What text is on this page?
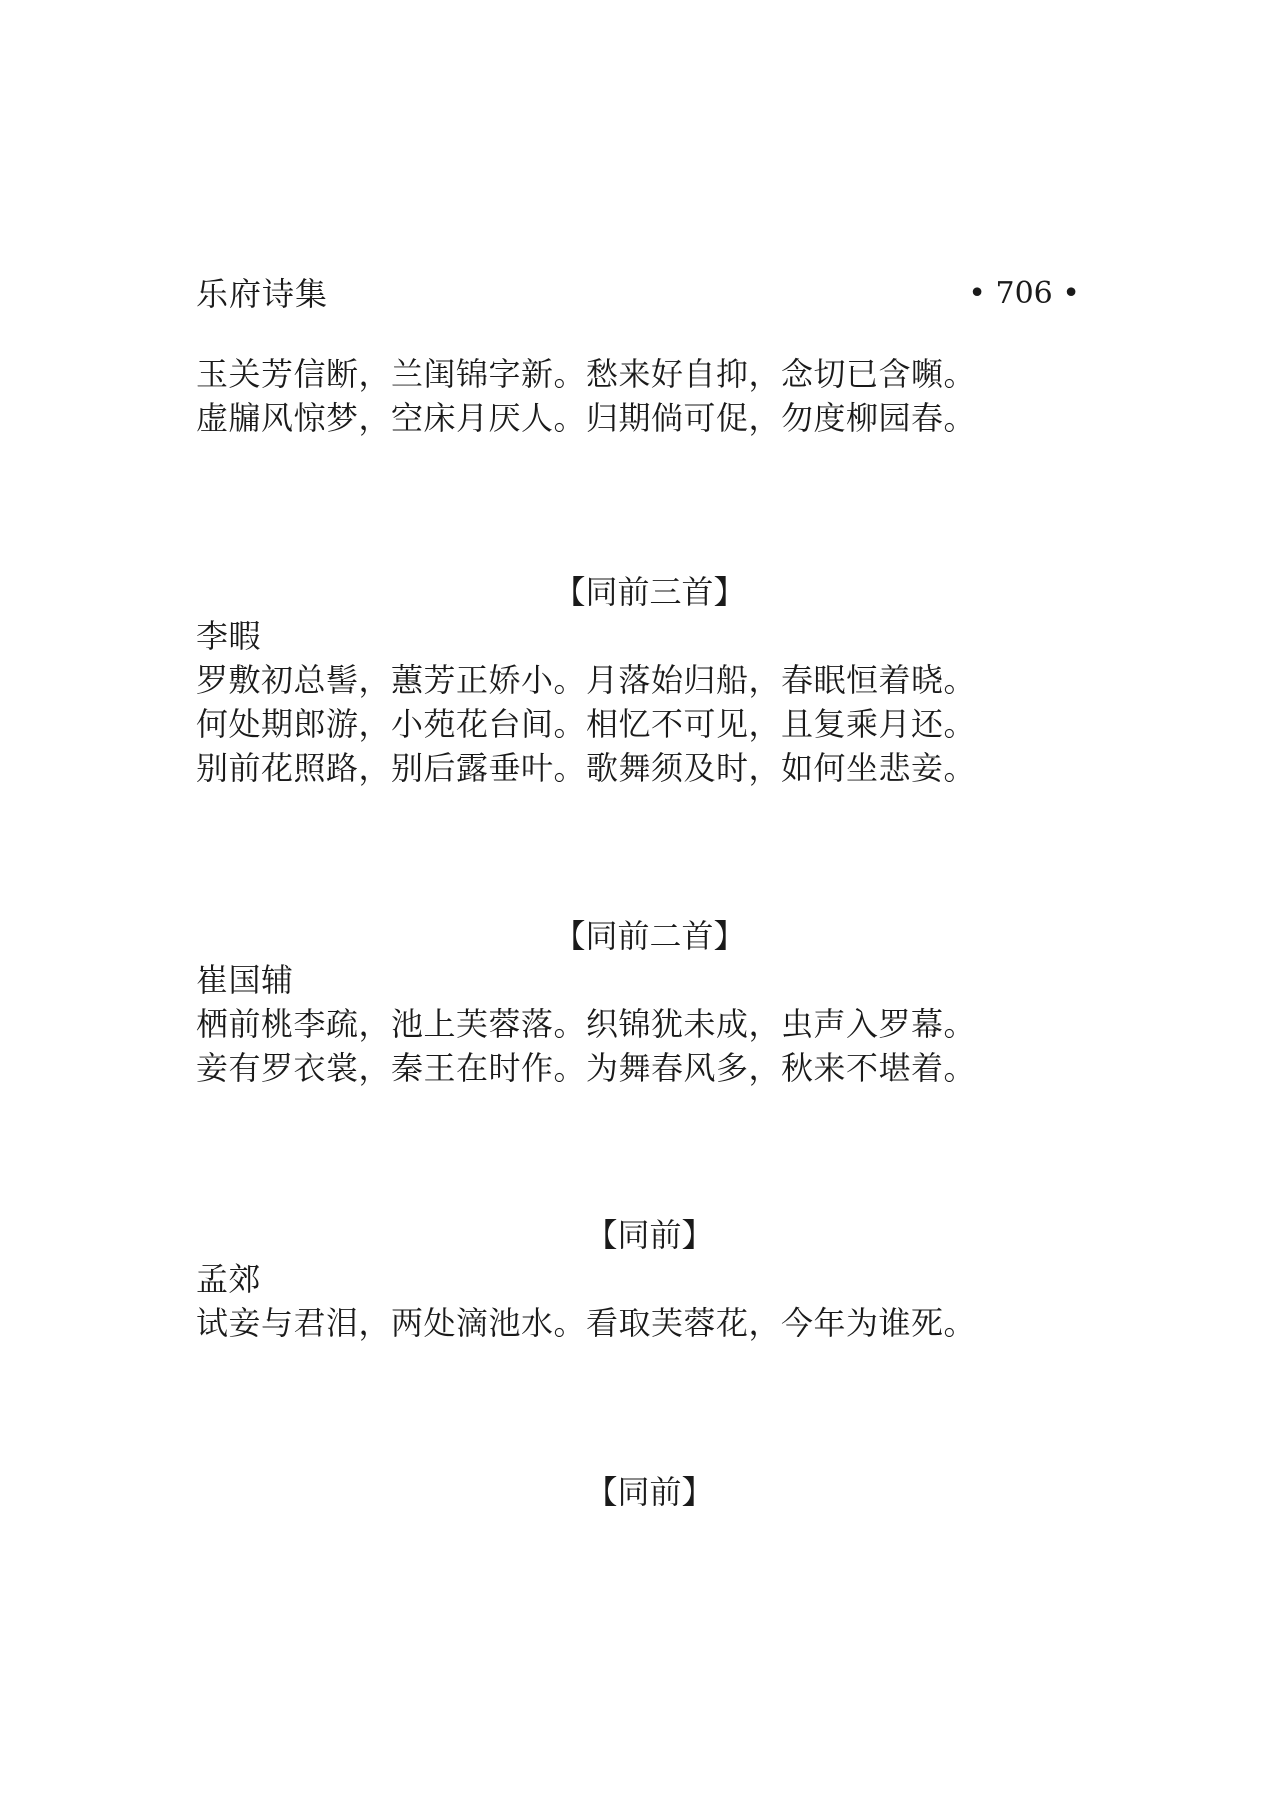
乐府诗集	• 706 •
玉关芳信断，兰闺锦字新。愁来好自抑，念切已含嚬。
虚牖风惊梦，空床月厌人。归期倘可促，勿度柳园春。
【同前三首】
李暇
罗敷初总髻，蕙芳正娇小。月落始归船，春眠恒着晓。
何处期郎游，小苑花台间。相忆不可见，且复乘月还。
别前花照路，别后露垂叶。歌舞须及时，如何坐悲妾。
【同前二首】
崔国辅
栖前桃李疏，池上芙蓉落。织锦犹未成，虫声入罗幕。
妾有罗衣裳，秦王在时作。为舞春风多，秋来不堪着。
【同前】
孟郊
试妾与君泪，两处滴池水。看取芙蓉花，今年为谁死。
【同前】
